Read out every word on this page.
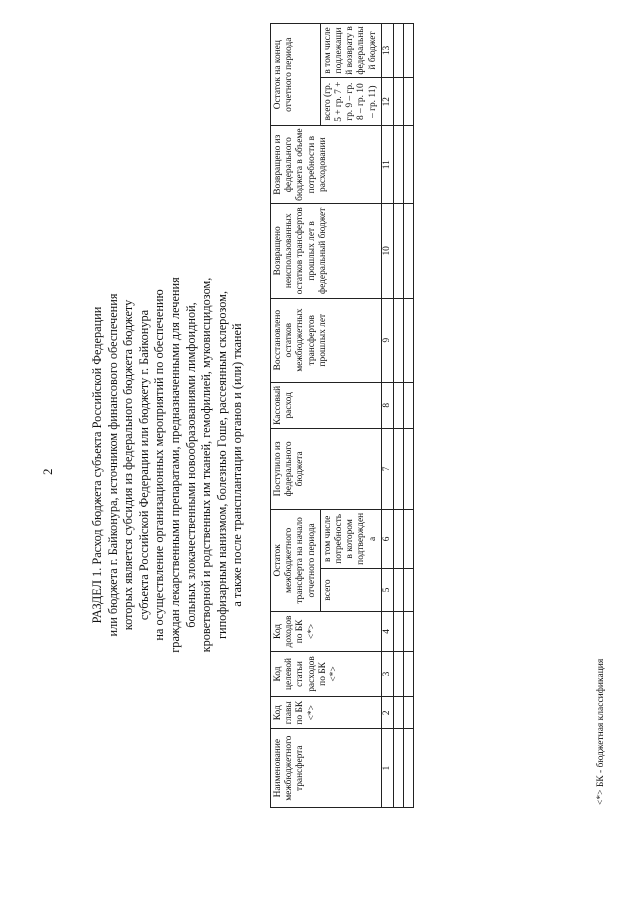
2	РАЗДЕЛ 1. Расход бюджета субъекта Российской Федерации или бюджета г. Байконура, источником финансового обеспечения которых является субсидия из федерального бюджета бюджету субъекта Российской Федерации или бюджету г. Байконура на осуществление организационных мероприятий по обеспечению граждан лекарственными препаратами, предназначенными для лечения больных злокачественными новообразованиями лимфоидной, кроветворной и родственных им тканей, гемофилией, муковисцидозом, гипофизарным нанизмом, болезнью Гоше, рассеянным склерозом, а также после трансплантации органов и (или) тканей
Наименование межбюджетного трансферта	Код главы по БК <*>	Код целевой статьи расходов по БК <*>	Код доходов по БК <*>	Остаток межбюджетного трансферта на начало отчетного периода		Поступило из федерального бюджета	Кассовый расход	Восстановлено остатков межбюджетных трансфертов прошлых лет	Возвращено неиспользованных остатков трансфертов прошлых лет в федеральный бюджет	Возвращено из федерального бюджета в объеме потребности в расходовании	Остаток на конец отчетного периода	
				всего	в том числе потребность в котором подтверждена						всего (гр. 5 + гр. 7 + гр. 9 – гр. 8 – гр. 10 – гр. 11)	в том числе подлежащий возврату в федеральный бюджет
1	2	3	4	5	6	7	8	9	10	11	12	13

<*> БК - бюджетная классификация
